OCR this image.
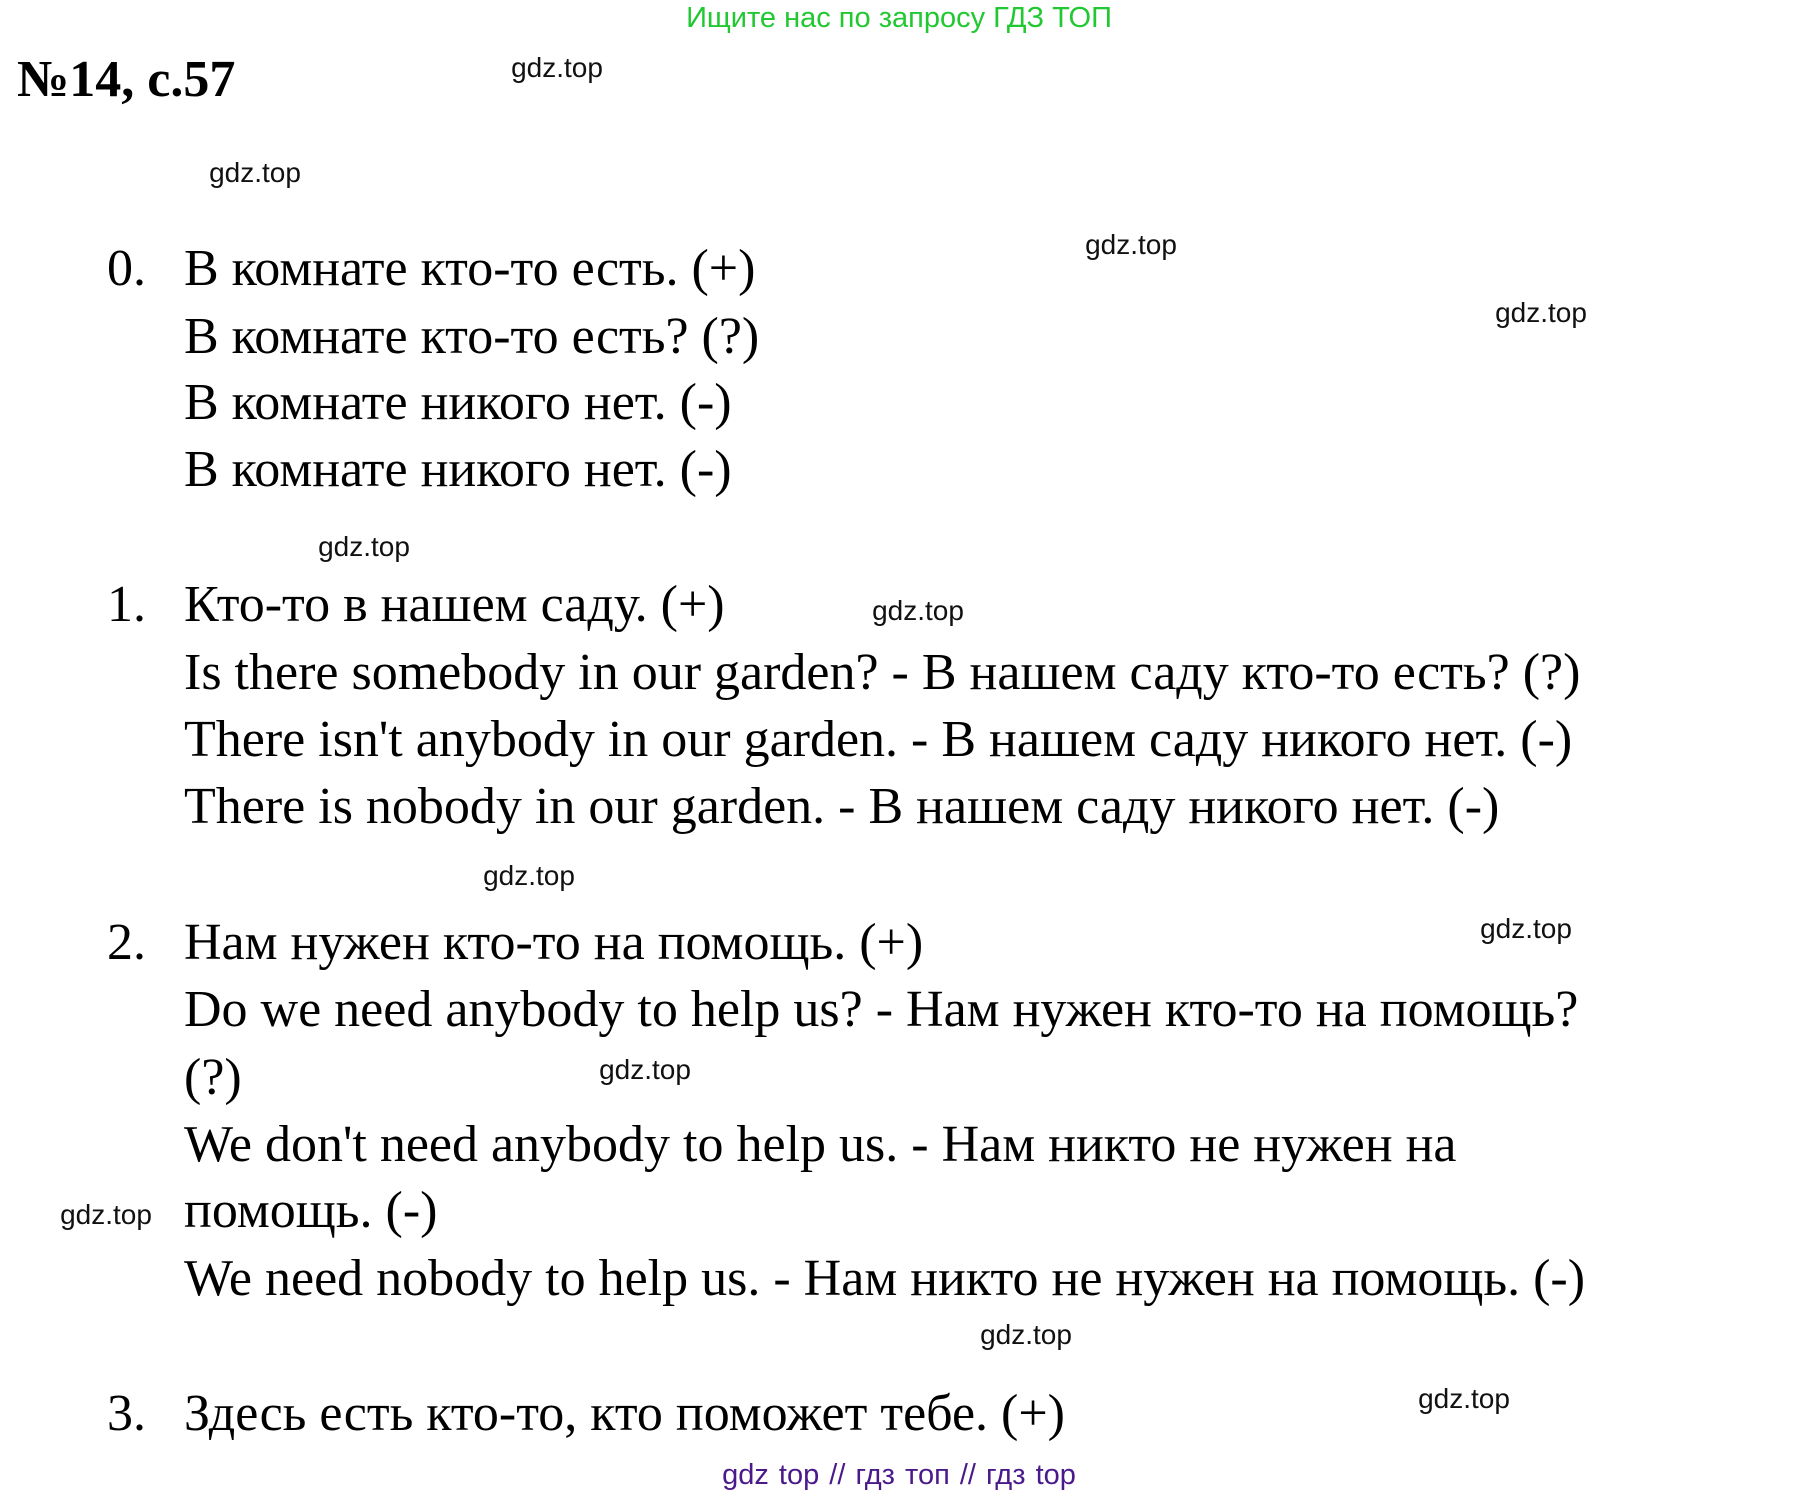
Ищите нас по запросу ГДЗ ТОП
№14, с.57	gdz.top
gdz.top
gdz.top
gdz.top
gdz.top
gdz.top
gdz.top
gdz.top
gdz.top
gdz.top
gdz.top
gdz.top
0. В комнате кто-то есть. (+)
В комнате кто-то есть? (?)
В комнате никого нет. (-)
В комнате никого нет. (-)
1. Кто-то в нашем саду. (+)
Is there somebody in our garden? - В нашем саду кто-то есть? (?)
There isn't anybody in our garden. - В нашем саду никого нет. (-)
There is nobody in our garden. - В нашем саду никого нет. (-)
2. Нам нужен кто-то на помощь. (+)
Do we need anybody to help us? - Нам нужен кто-то на помощь?
(?)
We don't need anybody to help us. - Нам никто не нужен на
помощь. (-)
We need nobody to help us. - Нам никто не нужен на помощь. (-)
3. Здесь есть кто-то, кто поможет тебе. (+)
gdz top // гдз топ // гдз top
